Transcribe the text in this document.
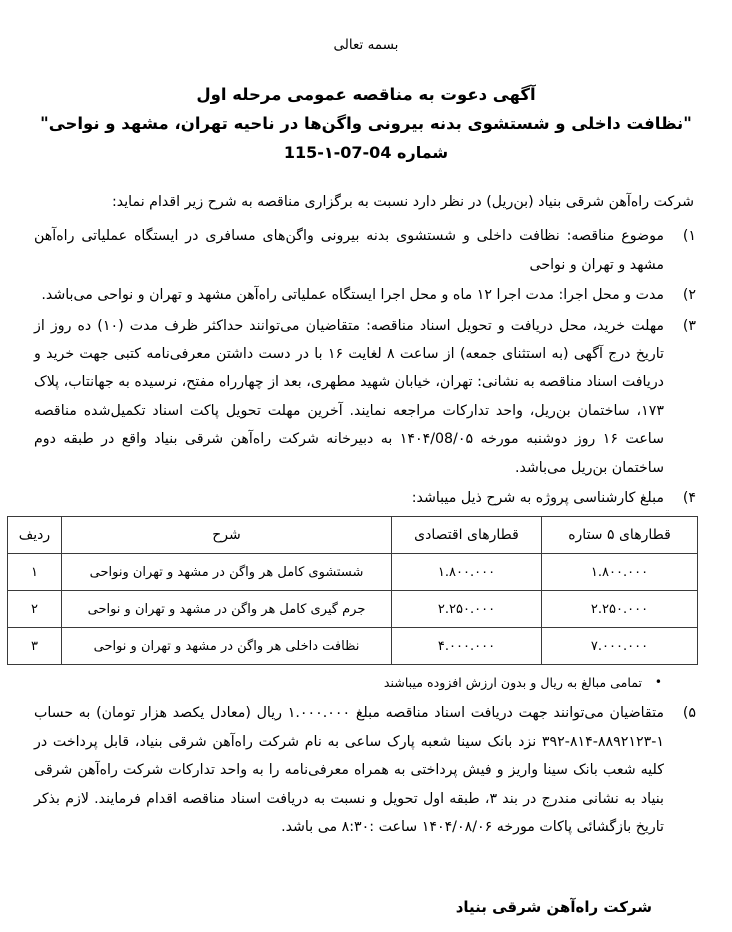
بسمه تعالی
آگهی دعوت به مناقصه عمومی مرحله اول
"نظافت داخلی و شستشوی بدنه بیرونی واگن‌ها در ناحیه تهران، مشهد و نواحی"
شماره 115-۱-07-04

شرکت راه‌آهن شرقی بنیاد (بن‌ریل) در نظر دارد نسبت به برگزاری مناقصه به شرح زیر اقدام نماید:

۱)

موضوع مناقصه: نظافت داخلی و شستشوی بدنه بیرونی واگن‌های مسافری در ایستگاه عملیاتی راه‌آهن مشهد و تهران و نواحی

۲)

مدت و محل اجرا: مدت اجرا ۱۲ ماه و محل اجرا ایستگاه عملیاتی راه‌آهن مشهد و تهران و نواحی می‌باشد.

۳)

مهلت خرید، محل دریافت و تحویل اسناد مناقصه: متقاضیان می‌توانند حداکثر ظرف مدت (۱۰) ده روز از تاریخ درج آگهی (به استثنای جمعه) از ساعت ۸ لغایت ۱۶ با در دست داشتن معرفی‌نامه کتبی جهت خرید و دریافت اسناد مناقصه به نشانی: تهران، خیابان شهید مطهری، بعد از چهارراه مفتح، نرسیده به جهانتاب، پلاک ۱۷۳، ساختمان بن‌ریل، واحد تدارکات مراجعه نمایند. آخرین مهلت تحویل پاکت اسناد تکمیل‌شده مناقصه ساعت ۱۶ روز دوشنبه مورخه ۱۴۰۴/08/۰۵ به دبیرخانه شرکت راه‌آهن شرقی بنیاد واقع در طبقه دوم ساختمان بن‌ریل می‌باشد.

۴)

مبلغ کارشناسی پروژه به شرح ذیل میباشد:

قطارهای ۵ ستاره	قطارهای اقتصادی	شرح	ردیف
۱.۸۰۰.۰۰۰	۱.۸۰۰.۰۰۰	شستشوی کامل هر واگن در مشهد و تهران ونواحی	۱
۲.۲۵۰.۰۰۰	۲.۲۵۰.۰۰۰	جرم گیری کامل هر واگن در مشهد و تهران و نواحی	۲
۷.۰۰۰.۰۰۰	۴.۰۰۰.۰۰۰	نظافت داخلی هر واگن در مشهد و تهران و نواحی	۳
•
تمامی مبالغ به ریال و بدون ارزش افزوده میباشند
۵)

متقاضیان می‌توانند جهت دریافت اسناد مناقصه مبلغ ۱.۰۰۰.۰۰۰ ریال (معادل یکصد هزار تومان) به حساب ۱-۸۸۹۲۱۲۳-۸۱۴-۳۹۲ نزد بانک سینا شعبه پارک ساعی به نام شرکت راه‌آهن شرقی بنیاد، قابل پرداخت در کلیه شعب بانک سینا واریز و فیش پرداختی به همراه معرفی‌نامه را به واحد تدارکات شرکت راه‌آهن شرقی بنیاد به نشانی مندرج در بند ۳، طبقه اول تحویل و نسبت به دریافت اسناد مناقصه اقدام فرمایند. لازم بذکر تاریخ بازگشائی پاکات مورخه ۱۴۰۴/۰۸/۰۶ ساعت :۸:۳۰ می باشد.

شرکت راه‌آهن شرقی بنیاد
